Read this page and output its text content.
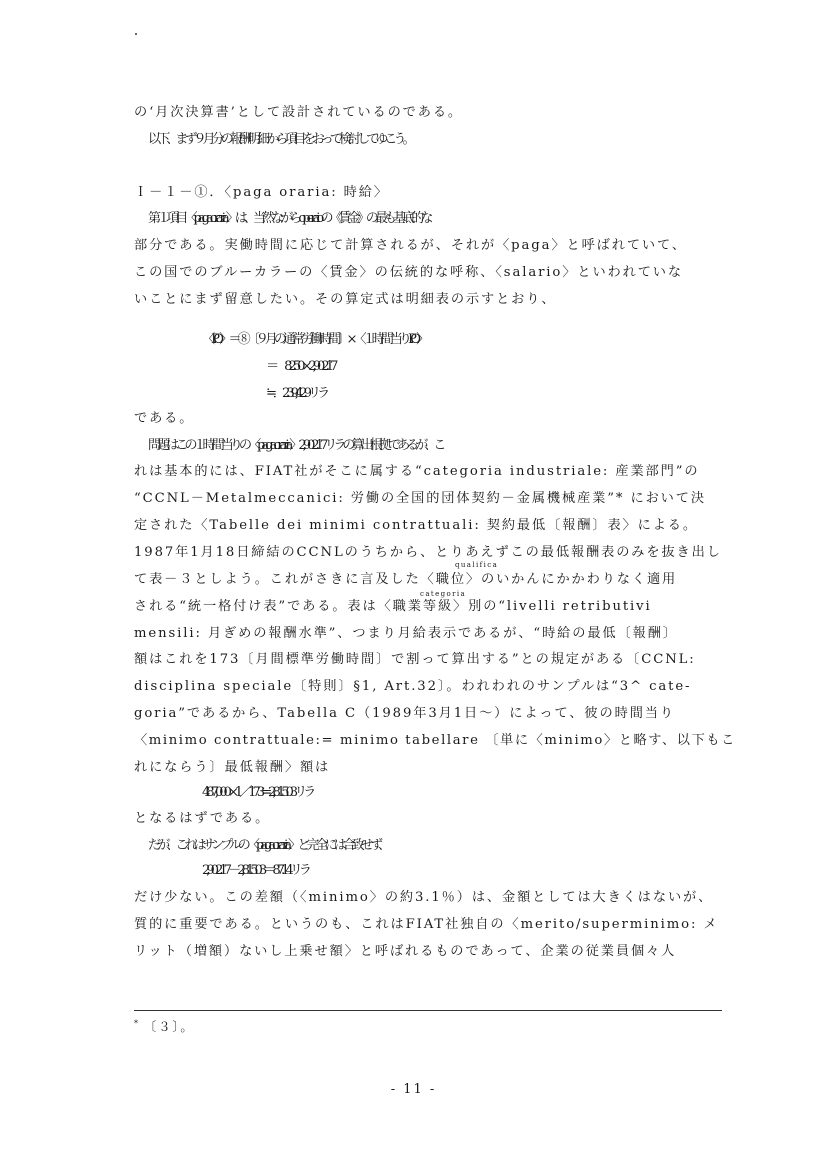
の‘月次決算書’として設計されているのである。
以下、まず９月分の報酬明細から項目をおって検討してゆこう。
Ｉ－１－①．〈paga oraria: 時給〉
第１項目〈paga oraria〉は、当然ながら operaio の《賃金》の最も基底的な
部分である。実働時間に応じて計算されるが、それが〈paga〉と呼ばれていて、
この国でのブルーカラーの〈賃金〉の伝統的な呼称、〈salario〉といわれていな
いことにまず留意したい。その算定式は明細表の示すとおり、
〈P.O.〉＝⑧〔９月の通常労働時間〕×〈１時間当りP.O.〉
＝　82.50×2,902.17
≒　239,429リラ
である。
問題はこの１時間当りの〈paga oraria〉2,902.17リラの算出根拠であるが、こ
れは基本的には、FIAT社がそこに属する“categoria industriale: 産業部門”の
“CCNL－Metalmeccanici: 労働の全国的団体契約－金属機械産業”* において決
定された〈Tabelle dei minimi contrattuali: 契約最低〔報酬〕表〉による。
1987年1月18日締結のCCNLのうちから、とりあえずこの最低報酬表のみを抜き出し
qualifica
て表－３としよう。これがさきに言及した〈職位〉のいかんにかかわりなく適用
categoria
される“統一格付け表”である。表は〈職業等級〉別の“livelli retributivi
mensili: 月ぎめの報酬水準”、つまり月給表示であるが、“時給の最低〔報酬〕
額はこれを173〔月間標準労働時間〕で割って算出する”との規定がある〔CCNL:
disciplina speciale〔特則〕§1, Art.32〕。われわれのサンプルは“3^ cate-
goria”であるから、Tabella C（1989年3月1日～）によって、彼の時間当り
〈minimo contrattuale:= minimo tabellare 〔単に〈minimo〉と略す、以下もこ
れにならう〕最低報酬〉額は
487,000×1／173 ≒ 2,815.03リラ
となるはずである。
だが、これはサンプルの〈paga oraria〉と完全には合致せず、
2,902.17 － 2,815.03 ＝ 87.14リラ
だけ少ない。この差額（〈minimo〉の約3.1％）は、金額としては大きくはないが、
質的に重要である。というのも、これはFIAT社独自の〈merito/superminimo: メ
リット（増額）ないし上乗せ額〉と呼ばれるものであって、企業の従業員個々人
* 〔３〕。
- 11 -
